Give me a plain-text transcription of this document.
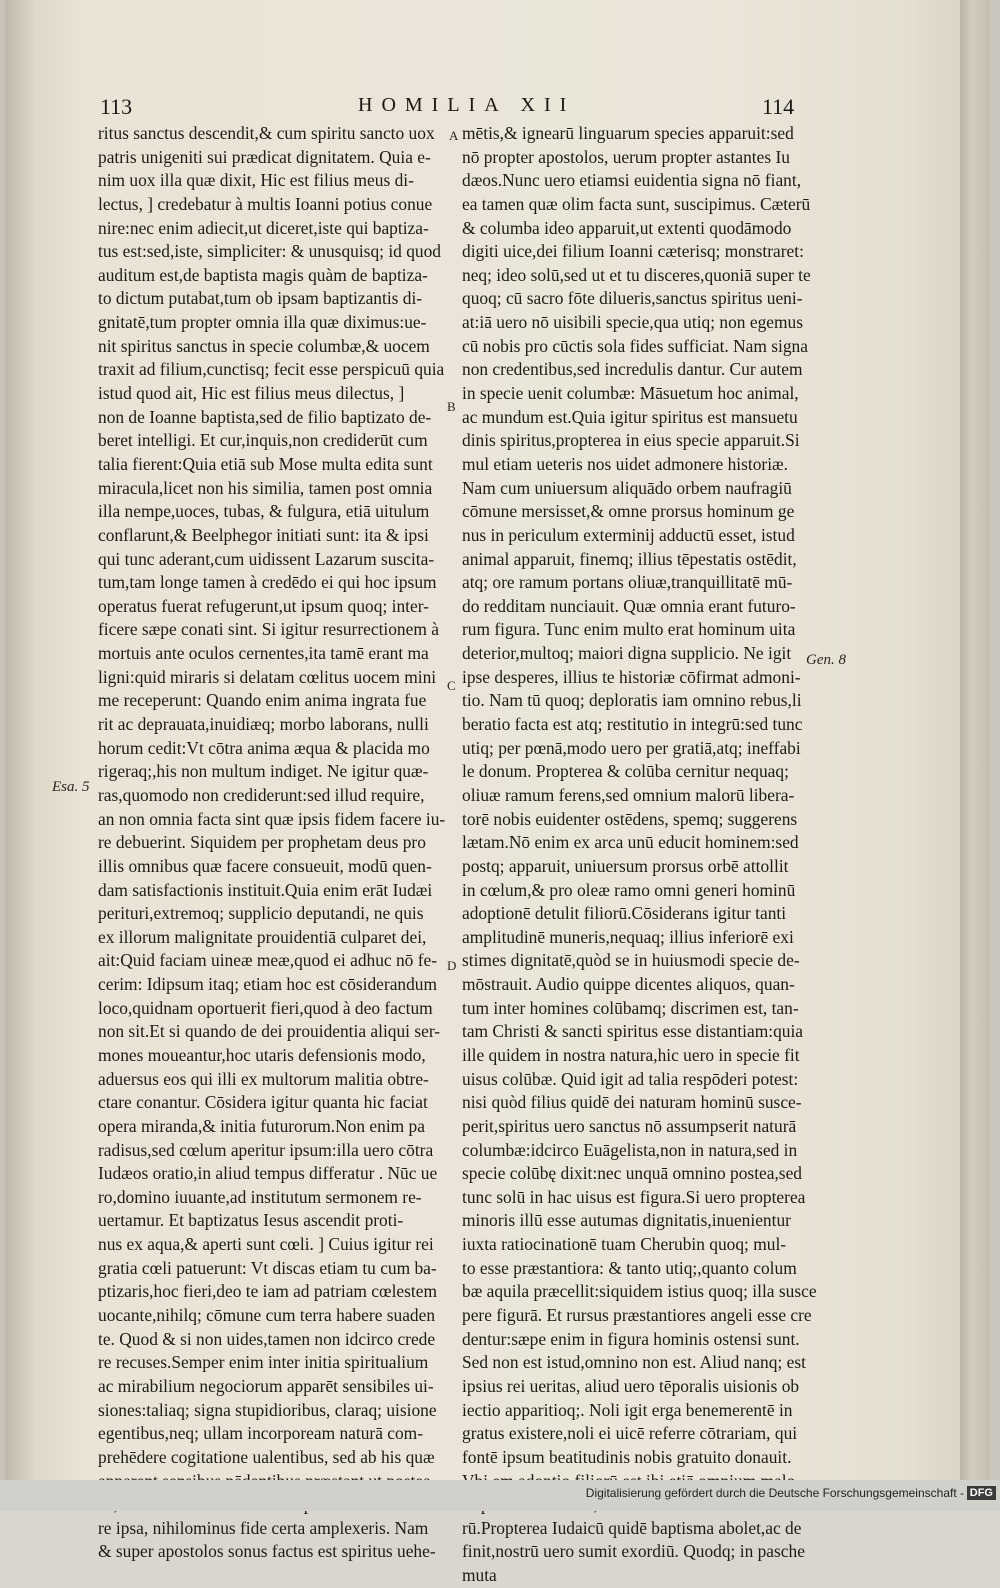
113	HOMILIA XII	114
ritus sanctus descendit,& cum spiritu sancto uox
patris unigeniti sui prædicat dignitatem. Quia e-
nim uox illa quæ dixit, Hic est filius meus di-
lectus, ] credebatur à multis Ioanni potius conue
nire:nec enim adiecit,ut diceret,iste qui baptiza-
tus est:sed,iste, simpliciter: & unusquisq; id quod
auditum est,de baptista magis quàm de baptiza-
to dictum putabat,tum ob ipsam baptizantis di-
gnitatē,tum propter omnia illa quæ diximus:ue-
nit spiritus sanctus in specie columbæ,& uocem
traxit ad filium,cunctisq; fecit esse perspicuū quia
istud quod ait, Hic est filius meus dilectus, ]
non de Ioanne baptista,sed de filio baptizato de-
beret intelligi. Et cur,inquis,non crediderūt cum
talia fierent:Quia etiā sub Mose multa edita sunt
miracula,licet non his similia, tamen post omnia
illa nempe,uoces, tubas, & fulgura, etiā uitulum
conflarunt,& Beelphegor initiati sunt: ita & ipsi
qui tunc aderant,cum uidissent Lazarum suscita-
tum,tam longe tamen à credēdo ei qui hoc ipsum
operatus fuerat refugerunt,ut ipsum quoq; inter-
ficere sæpe conati sint. Si igitur resurrectionem à
mortuis ante oculos cernentes,ita tamē erant ma
ligni:quid miraris si delatam cœlitus uocem mini
me receperunt: Quando enim anima ingrata fue
rit ac deprauata,inuidiæq; morbo laborans, nulli
horum cedit:Vt cōtra anima æqua & placida mo
rigeraq;,his non multum indiget. Ne igitur quæ-
ras,quomodo non crediderunt:sed illud require,
an non omnia facta sint quæ ipsis fidem facere iu-
re debuerint. Siquidem per prophetam deus pro
illis omnibus quæ facere consueuit, modū quen-
dam satisfactionis instituit.Quia enim erāt Iudæi
perituri,extremoq; supplicio deputandi, ne quis
ex illorum malignitate prouidentiā culparet dei,
ait:Quid faciam uineæ meæ,quod ei adhuc nō fe-
cerim: Idipsum itaq; etiam hoc est cōsiderandum
loco,quidnam oportuerit fieri,quod à deo factum
non sit.Et si quando de dei prouidentia aliqui ser-
mones moueantur,hoc utaris defensionis modo,
aduersus eos qui illi ex multorum malitia obtre-
ctare conantur. Cōsidera igitur quanta hic faciat
opera miranda,& initia futurorum.Non enim pa
radisus,sed cœlum aperitur ipsum:illa uero cōtra
Iudæos oratio,in aliud tempus differatur . Nūc ue
ro,domino iuuante,ad institutum sermonem re-
uertamur. Et baptizatus Iesus ascendit proti-
nus ex aqua,& aperti sunt cœli. ] Cuius igitur rei
gratia cœli patuerunt: Vt discas etiam tu cum ba-
ptizaris,hoc fieri,deo te iam ad patriam cœlestem
uocante,nihilq; cōmune cum terra habere suaden
te. Quod & si non uides,tamen non idcirco crede
re recuses.Semper enim inter initia spiritualium
ac mirabilium negociorum apparēt sensibiles ui-
siones:taliaq; signa stupidioribus, claraq; uisione
egentibus,neq; ullam incorpoream naturā com-
prehēdere cogitatione ualentibus, sed ab his quæ
re ipsa, nihilominus fide certa amplexeris. Nam
& super apostolos sonus factus est spiritus uehe-
mētis,& ignearū linguarum species apparuit:sed
nō propter apostolos, uerum propter astantes Iu
dæos.Nunc uero etiamsi euidentia signa nō fiant,
ea tamen quæ olim facta sunt, suscipimus. Cæterū
& columba ideo apparuit,ut extenti quodāmodo
digiti uice,dei filium Ioanni cæterisq; monstraret:
neq; ideo solū,sed ut et tu disceres,quoniā super te
quoq; cū sacro fōte dilueris,sanctus spiritus ueni-
at:iā uero nō uisibili specie,qua utiq; non egemus
cū nobis pro cūctis sola fides sufficiat. Nam signa
non credentibus,sed incredulis dantur. Cur autem
in specie uenit columbæ: Māsuetum hoc animal,
ac mundum est.Quia igitur spiritus est mansuetu
dinis spiritus,propterea in eius specie apparuit.Si
mul etiam ueteris nos uidet admonere historiæ.
Nam cum uniuersum aliquādo orbem naufragiū
cōmune mersisset,& omne prorsus hominum ge
nus in periculum exterminij adductū esset, istud
animal apparuit, finemq; illius tēpestatis ostēdit,
atq; ore ramum portans oliuæ,tranquillitatē mū-
do redditam nunciauit. Quæ omnia erant futuro-
rum figura. Tunc enim multo erat hominum uita
deterior,multoq; maiori digna supplicio. Ne igit
ipse desperes, illius te historiæ cōfirmat admoni-
tio. Nam tū quoq; deploratis iam omnino rebus,li
beratio facta est atq; restitutio in integrū:sed tunc
utiq; per pœnā,modo uero per gratiā,atq; ineffabi
le donum. Propterea & colūba cernitur nequaq;
oliuæ ramum ferens,sed omnium malorū libera-
torē nobis euidenter ostēdens, spemq; suggerens
lætam.Nō enim ex arca unū educit hominem:sed
postq; apparuit, uniuersum prorsus orbē attollit
in cœlum,& pro oleæ ramo omni generi hominū
adoptionē detulit filiorū.Cōsiderans igitur tanti
amplitudinē muneris,nequaq; illius inferiorē exi
stimes dignitatē,quòd se in huiusmodi specie de-
mōstrauit. Audio quippe dicentes aliquos, quan-
tum inter homines colūbamq; discrimen est, tan-
tam Christi & sancti spiritus esse distantiam:quia
ille quidem in nostra natura,hic uero in specie fit
uisus colūbæ. Quid igit ad talia respōderi potest:
nisi quòd filius quidē dei naturam hominū susce-
perit,spiritus uero sanctus nō assumpserit naturā
columbæ:idcirco Euāgelista,non in natura,sed in
specie colūbę dixit:nec unquā omnino postea,sed
tunc solū in hac uisus est figura.Si uero propterea
minoris illū esse autumas dignitatis,inuenientur
iuxta ratiocinationē tuam Cherubin quoq; mul-
to esse præstantiora: & tanto utiq;,quanto colum
bæ aquila præcellit:siquidem istius quoq; illa susce
pere figurā. Et rursus præstantiores angeli esse cre
dentur:sæpe enim in figura hominis ostensi sunt.
Sed non est istud,omnino non est. Aliud nanq; est
ipsius rei ueritas, aliud uero tēporalis uisionis ob
iectio apparitioq;. Noli igit erga benemerentē in
gratus existere,noli ei uicē referre cōtrariam, qui
fontē ipsum beatitudinis nobis gratuito donauit.
rū.Propterea Iudaicū quidē baptisma abolet,ac de
finit,nostrū uero sumit exordiū. Quodq; in pasche
muta
A
B
C
D
Esa. 5
Gen. 8
Digitalisierung gefördert durch die Deutsche Forschungsgemeinschaft - DFG
